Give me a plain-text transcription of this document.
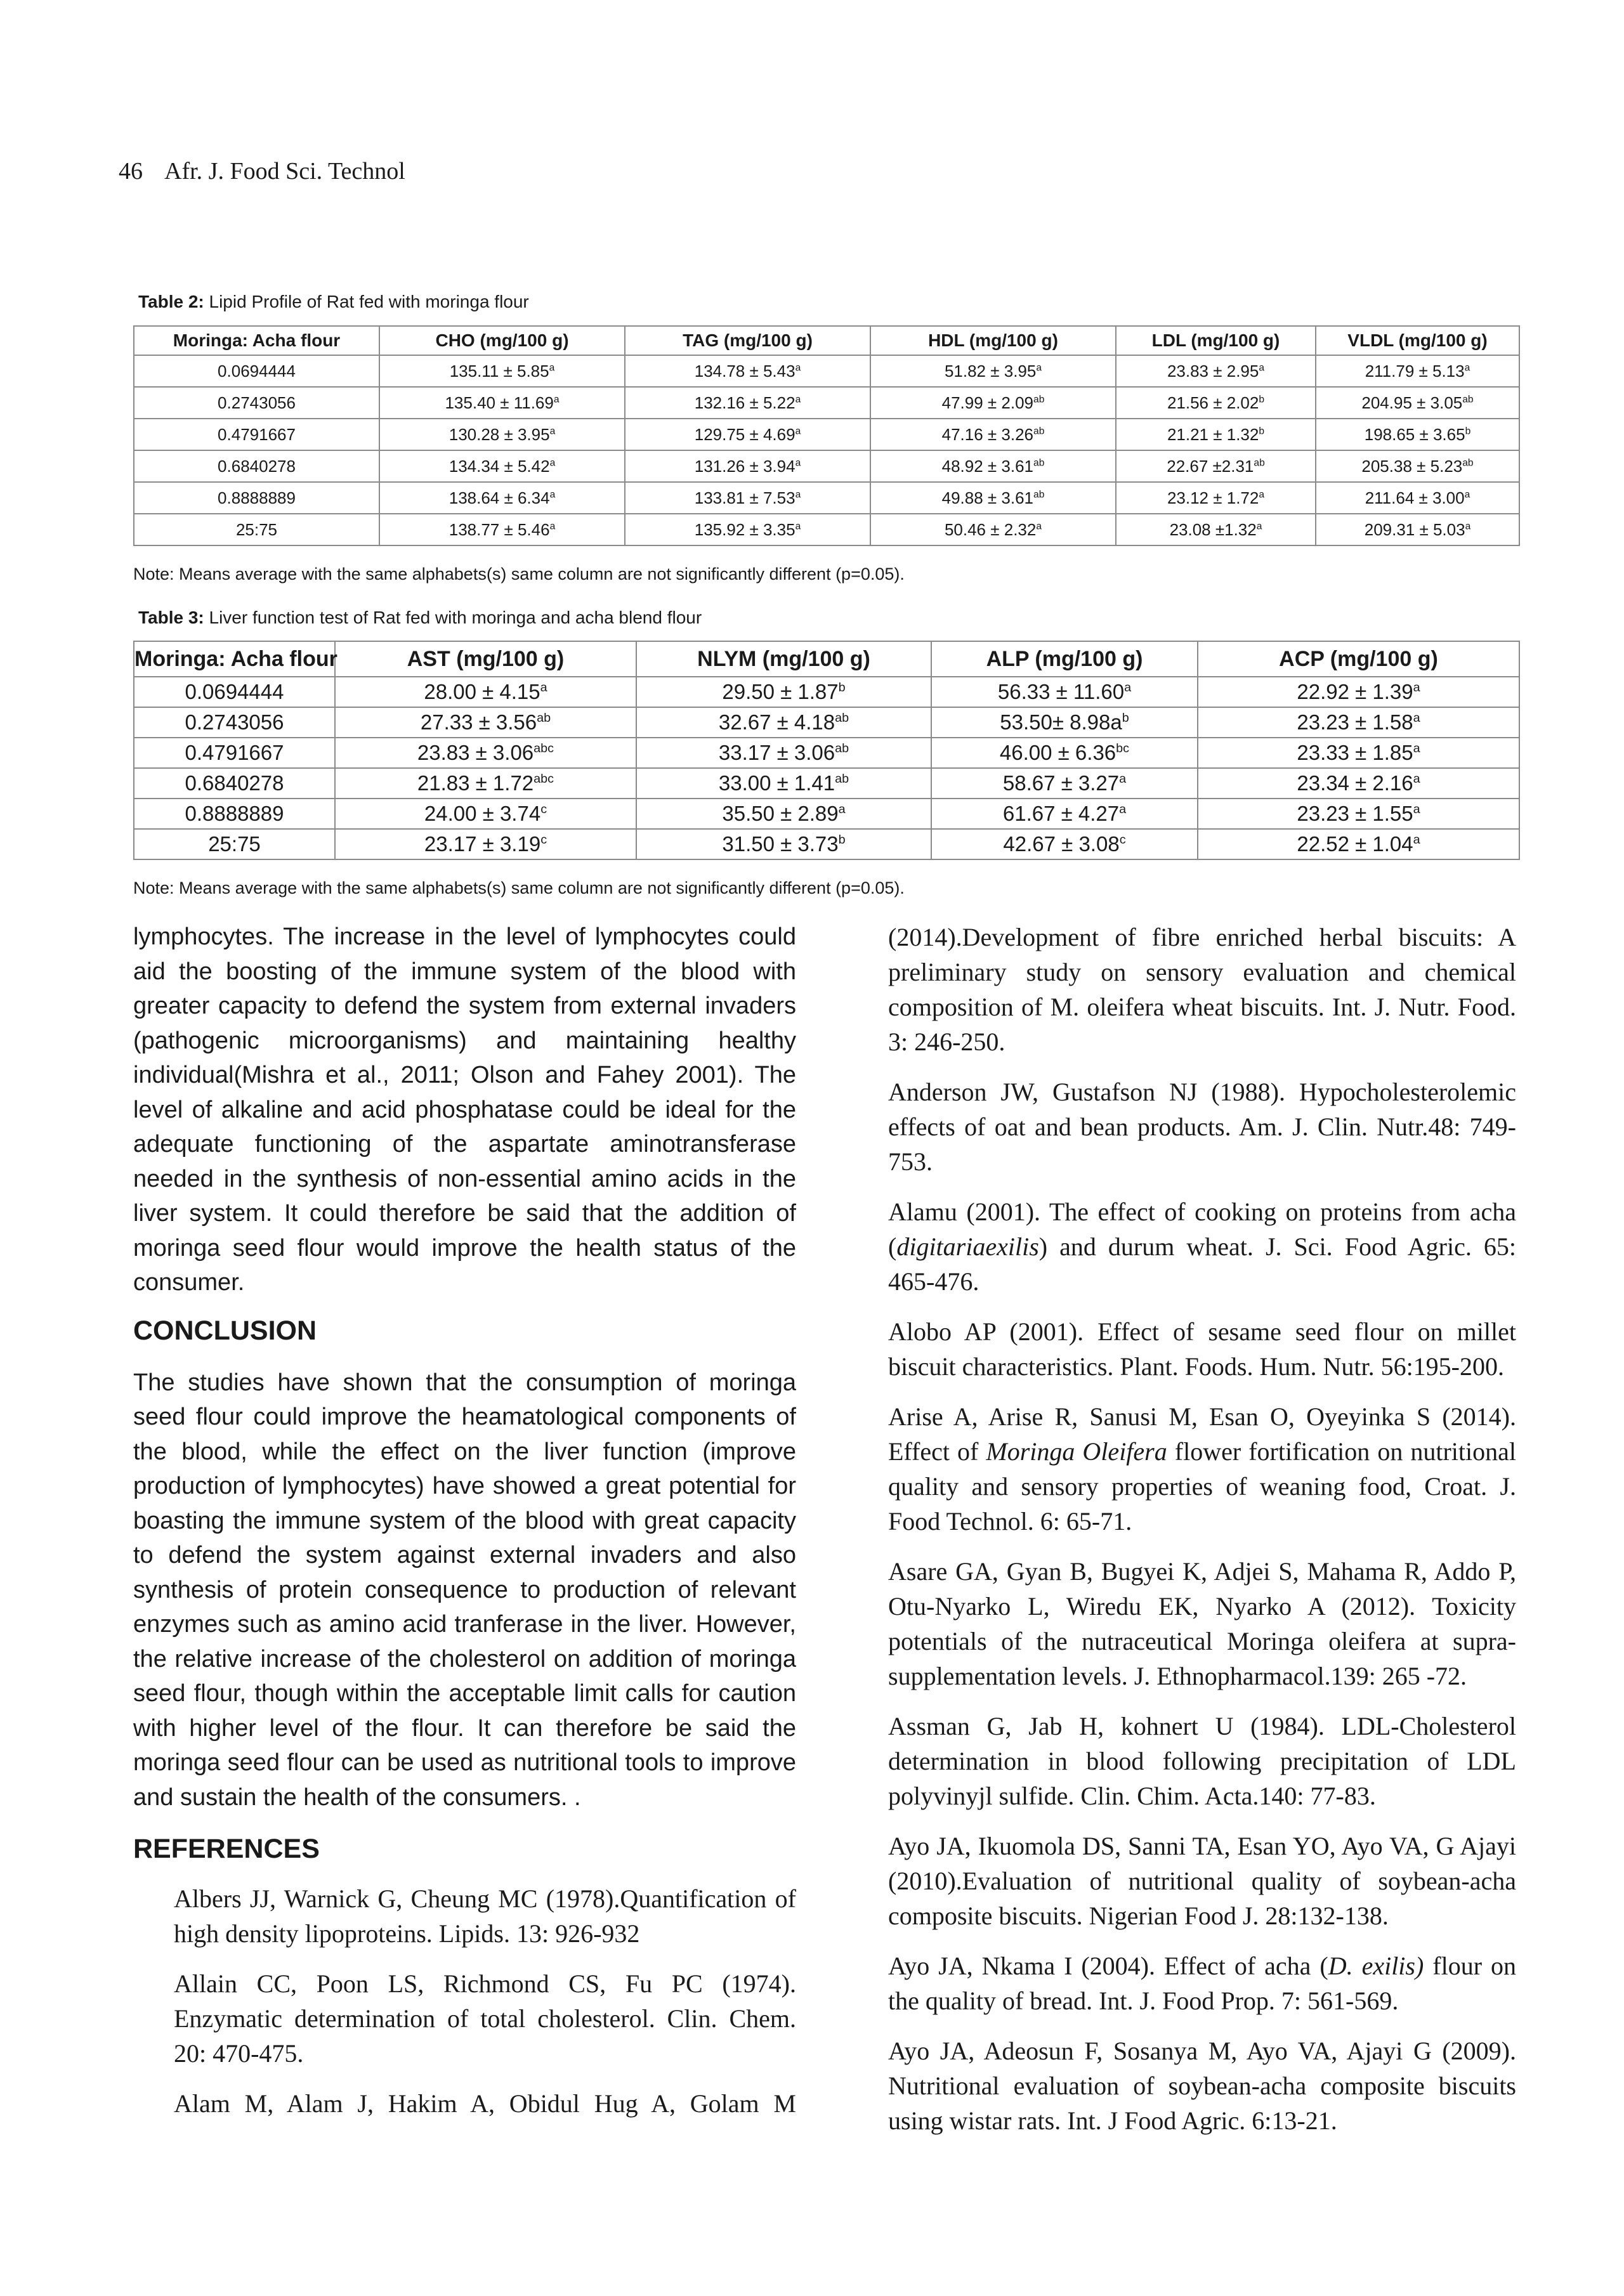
46 Afr. J. Food Sci. Technol
Table 2: Lipid Profile of Rat fed with moringa flour
Moringa: Acha flour	CHO (mg/100 g)	TAG (mg/100 g)	HDL (mg/100 g)	LDL (mg/100 g)	VLDL (mg/100 g)
0.0694444	135.11 ± 5.85$^a$	134.78 ± 5.43$^a$	51.82 ± 3.95$^a$	23.83 ± 2.95$^a$	211.79 ± 5.13$^a$
0.2743056	135.40 ± 11.69$^a$	132.16 ± 5.22$^a$	47.99 ± 2.09$^{ab}$	21.56 ± 2.02$^b$	204.95 ± 3.05$^{ab}$
0.4791667	130.28 ± 3.95$^a$	129.75 ± 4.69$^a$	47.16 ± 3.26$^{ab}$	21.21 ± 1.32$^b$	198.65 ± 3.65$^b$
0.6840278	134.34 ± 5.42$^a$	131.26 ± 3.94$^a$	48.92 ± 3.61$^{ab}$	22.67 ±2.31$^{ab}$	205.38 ± 5.23$^{ab}$
0.8888889	138.64 ± 6.34$^a$	133.81 ± 7.53$^a$	49.88 ± 3.61$^{ab}$	23.12 ± 1.72$^a$	211.64 ± 3.00$^a$
25:75	138.77 ± 5.46$^a$	135.92 ± 3.35$^a$	50.46 ± 2.32$^a$	23.08 ±1.32$^a$	209.31 ± 5.03$^a$
Note: Means average with the same alphabets(s) same column are not significantly different (p=0.05).
Table 3: Liver function test of Rat fed with moringa and acha blend flour
Moringa: Acha flour	AST (mg/100 g)	NLYM (mg/100 g)	ALP (mg/100 g)	ACP (mg/100 g)
0.0694444	28.00 ± 4.15$^a$	29.50 ± 1.87$^b$	56.33 ± 11.60$^a$	22.92 ± 1.39$^a$
0.2743056	27.33 ± 3.56$^{ab}$	32.67 ± 4.18$^{ab}$	$53.50\pm 8.98a^b$	23.23 ± 1.58$^a$
0.4791667	23.83 ± 3.06$^{abc}$	33.17 ± 3.06$^{ab}$	46.00 ± 6.36$^{bc}$	23.33 ± 1.85$^a$
0.6840278	21.83 ± 1.72$^{abc}$	33.00 ± 1.41$^{ab}$	58.67 ± 3.27$^a$	23.34 ± 2.16$^a$
0.8888889	24.00 ± 3.74$^c$	35.50 ± 2.89$^a$	61.67 ± 4.27$^a$	23.23 ± 1.55$^a$
25:75	23.17 ± 3.19$^c$	31.50 ± 3.73$^b$	42.67 ± 3.08$^c$	22.52 ± 1.04$^a$
Note: Means average with the same alphabets(s) same column are not significantly different (p=0.05).

lymphocytes. The increase in the level of lymphocytes could aid the boosting of the immune system of the blood with greater capacity to defend the system from external invaders (pathogenic microorganisms) and maintaining healthy individual(Mishra et al., 2011; Olson and Fahey 2001). The level of alkaline and acid phosphatase could be ideal for the adequate functioning of the aspartate aminotransferase needed in the synthesis of non-essential amino acids in the liver system. It could therefore be said that the addition of moringa seed flour would improve the health status of the consumer.

CONCLUSION

The studies have shown that the consumption of moringa seed flour could improve the heamatological components of the blood, while the effect on the liver function (improve production of lymphocytes) have showed a great potential for boasting the immune system of the blood with great capacity to defend the system against external invaders and also synthesis of protein consequence to production of relevant enzymes such as amino acid tranferase in the liver. However, the relative increase of the cholesterol on addition of moringa seed flour, though within the acceptable limit calls for caution with higher level of the flour. It can therefore be said the moringa seed flour can be used as nutritional tools to improve and sustain the health of the consumers. .

REFERENCES

Albers JJ, Warnick G, Cheung MC (1978).Quantification of high density lipoproteins. Lipids. 13: 926-932

Allain CC, Poon LS, Richmond CS, Fu PC (1974). Enzymatic determination of total cholesterol. Clin. Chem. 20: 470-475.

Alam M, Alam J, Hakim A, Obidul Hug A, Golam M

(2014).Development of fibre enriched herbal biscuits: A preliminary study on sensory evaluation and chemical composition of M. oleifera wheat biscuits. Int. J. Nutr. Food. 3: 246-250.

Anderson JW, Gustafson NJ (1988). Hypocholesterolemic effects of oat and bean products. Am. J. Clin. Nutr.48: 749-753.

Alamu (2001). The effect of cooking on proteins from acha (digitariaexilis) and durum wheat. J. Sci. Food Agric. 65: 465-476.

Alobo AP (2001). Effect of sesame seed flour on millet biscuit characteristics. Plant. Foods. Hum. Nutr. 56:195-200.

Arise A, Arise R, Sanusi M, Esan O, Oyeyinka S (2014). Effect of Moringa Oleifera flower fortification on nutritional quality and sensory properties of weaning food, Croat. J. Food Technol. 6: 65-71.

Asare GA, Gyan B, Bugyei K, Adjei S, Mahama R, Addo P, Otu-Nyarko L, Wiredu EK, Nyarko A (2012). Toxicity potentials of the nutraceutical Moringa oleifera at supra-supplementation levels. J. Ethnopharmacol.139: 265 -72.

Assman G, Jab H, kohnert U (1984). LDL-Cholesterol determination in blood following precipitation of LDL polyvinyjl sulfide. Clin. Chim. Acta.140: 77-83.

Ayo JA, Ikuomola DS, Sanni TA, Esan YO, Ayo VA, G Ajayi (2010).Evaluation of nutritional quality of soybean-acha composite biscuits. Nigerian Food J. 28:132-138.

Ayo JA, Nkama I (2004). Effect of acha (D. exilis) flour on the quality of bread. Int. J. Food Prop. 7: 561-569.

Ayo JA, Adeosun F, Sosanya M, Ayo VA, Ajayi G (2009). Nutritional evaluation of soybean-acha composite biscuits using wistar rats. Int. J Food Agric. 6:13-21.
